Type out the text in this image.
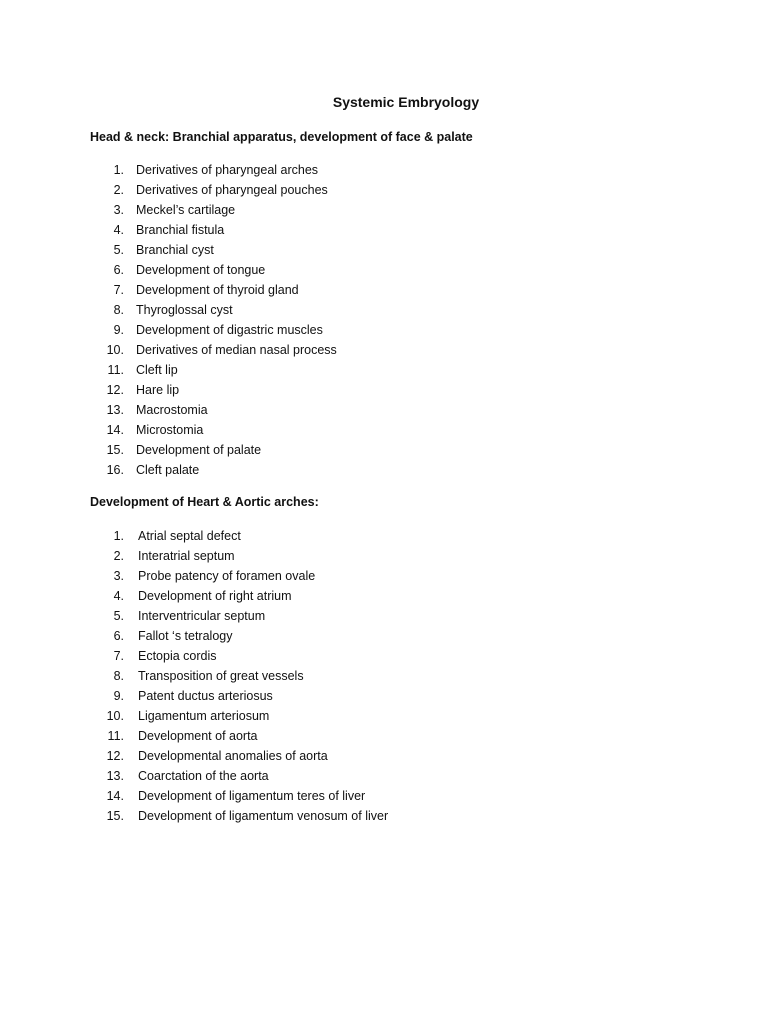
Systemic Embryology
Head & neck: Branchial apparatus, development of face & palate
1. Derivatives of pharyngeal arches
2. Derivatives of pharyngeal pouches
3. Meckel’s cartilage
4. Branchial fistula
5. Branchial cyst
6. Development of tongue
7. Development of thyroid gland
8. Thyroglossal cyst
9. Development of digastric muscles
10. Derivatives of median nasal process
11. Cleft lip
12. Hare lip
13. Macrostomia
14. Microstomia
15. Development of palate
16. Cleft palate
Development of Heart & Aortic arches:
1. Atrial septal defect
2. Interatrial septum
3. Probe patency of foramen ovale
4. Development of right atrium
5. Interventricular septum
6. Fallot ‘s tetralogy
7. Ectopia cordis
8. Transposition of great vessels
9. Patent ductus arteriosus
10. Ligamentum arteriosum
11. Development of aorta
12. Developmental anomalies of aorta
13. Coarctation of the aorta
14. Development of ligamentum teres of liver
15. Development of ligamentum venosum of liver
